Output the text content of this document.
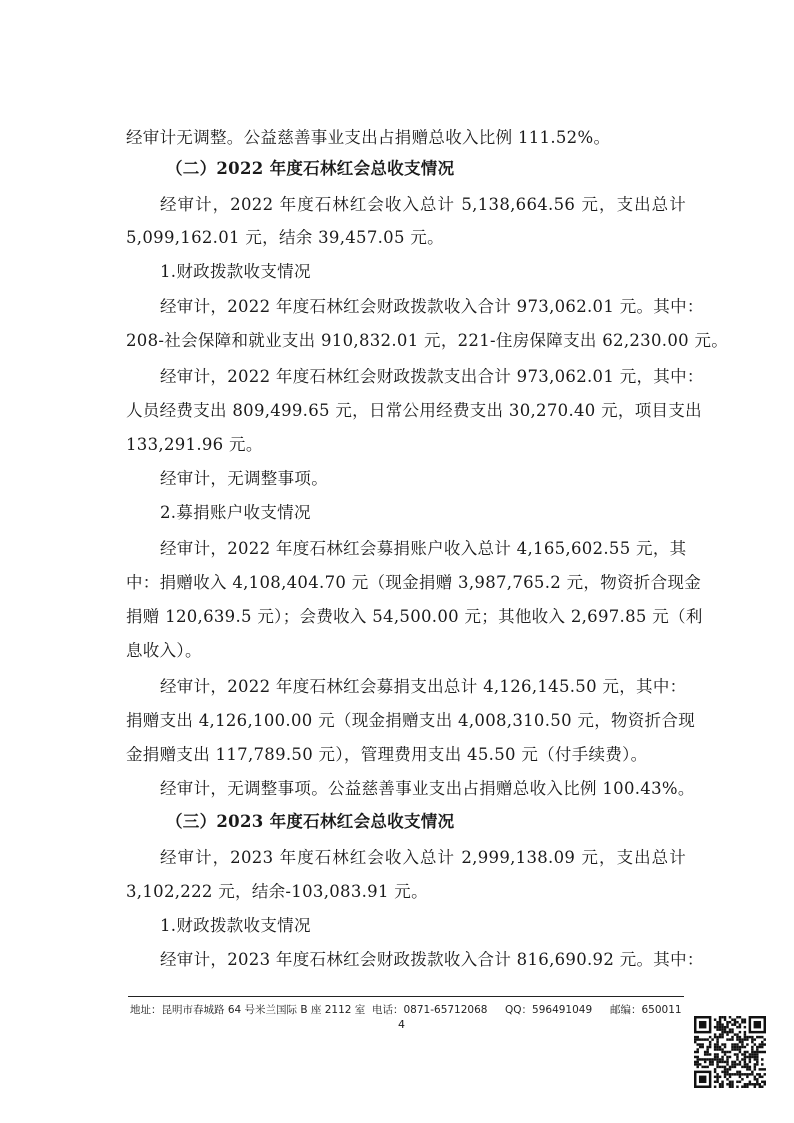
经审计无调整。公益慈善事业支出占捐赠总收入比例 111.52%。
（二）2022 年度石林红会总收支情况
经审计，2022 年度石林红会收入总计 5,138,664.56 元，支出总计
5,099,162.01 元，结余 39,457.05 元。
1.财政拨款收支情况
经审计，2022 年度石林红会财政拨款收入合计 973,062.01 元。其中：
208-社会保障和就业支出 910,832.01 元，221-住房保障支出 62,230.00 元。
经审计，2022 年度石林红会财政拨款支出合计 973,062.01 元，其中：
人员经费支出 809,499.65 元，日常公用经费支出 30,270.40 元，项目支出
133,291.96 元。
经审计，无调整事项。
2.募捐账户收支情况
经审计，2022 年度石林红会募捐账户收入总计 4,165,602.55 元，其
中：捐赠收入 4,108,404.70 元（现金捐赠 3,987,765.2 元，物资折合现金
捐赠 120,639.5 元）；会费收入 54,500.00 元；其他收入 2,697.85 元（利
息收入）。
经审计，2022 年度石林红会募捐支出总计 4,126,145.50 元，其中：
捐赠支出 4,126,100.00 元（现金捐赠支出 4,008,310.50 元，物资折合现
金捐赠支出 117,789.50 元），管理费用支出 45.50 元（付手续费）。
经审计，无调整事项。公益慈善事业支出占捐赠总收入比例 100.43%。
（三）2023 年度石林红会总收支情况
经审计，2023 年度石林红会收入总计 2,999,138.09 元，支出总计
3,102,222 元，结余-103,083.91 元。
1.财政拨款收支情况
经审计，2023 年度石林红会财政拨款收入合计 816,690.92 元。其中：
地址：昆明市春城路 64 号米兰国际 B 座 2112 室 电话：0871-65712068 QQ：596491049 邮编：650011
4
